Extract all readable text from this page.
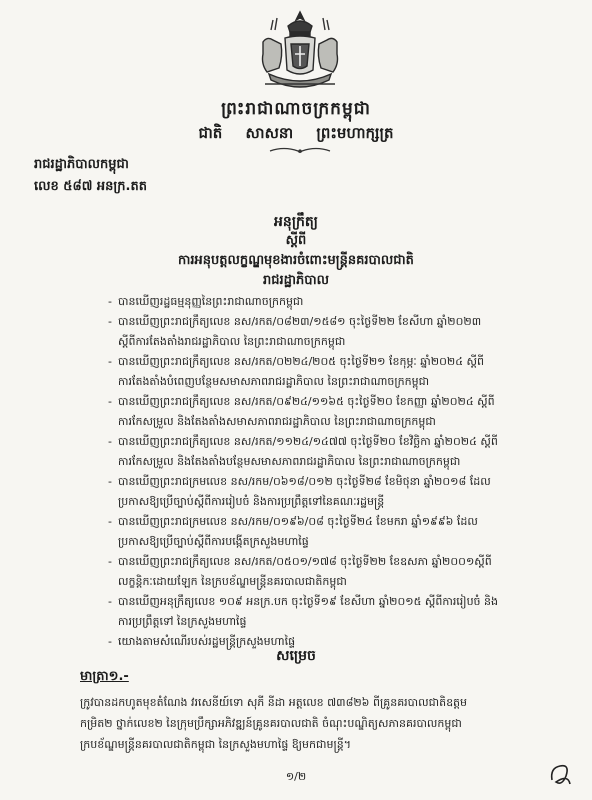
ព្រះរាជាណាចក្រកម្ពុជា
ជាតិ សាសនា ព្រះមហាក្សត្រ
រាជរដ្ឋាភិបាលកម្ពុជា
លេខ ៥៨៧ អនក្រ.តត
អនុក្រឹត្យ
ស្តីពី
ការអនុបត្តលក្ខណ្ឌមុខងារចំពោះមន្ត្រីនគរបាលជាតិ
រាជរដ្ឋាភិបាល
- បានឃើញរដ្ឋធម្មនុញ្ញនៃព្រះរាជាណាចក្រកម្ពុជា
- បានឃើញព្រះរាជក្រឹត្យលេខ នស/រកត/០៨២៣/១៥៨១ ចុះថ្ងៃទី២២ ខែសីហា ឆ្នាំ២០២៣
ស្តីពីការតែងតាំងរាជរដ្ឋាភិបាល នៃព្រះរាជាណាចក្រកម្ពុជា
- បានឃើញព្រះរាជក្រឹត្យលេខ នស/រកត/០២២៤/២០៥ ចុះថ្ងៃទី២១ ខែកុម្ភៈ ឆ្នាំ២០២៤ ស្តីពី
ការតែងតាំងបំពេញបន្ថែមសមាសភាពរាជរដ្ឋាភិបាល នៃព្រះរាជាណាចក្រកម្ពុជា
- បានឃើញព្រះរាជក្រឹត្យលេខ នស/រកត/០៩២៤/១១៦៥ ចុះថ្ងៃទី២០ ខែកញ្ញា ឆ្នាំ២០២៤ ស្តីពី
ការកែសម្រួល និងតែងតាំងសមាសភាពរាជរដ្ឋាភិបាល នៃព្រះរាជាណាចក្រកម្ពុជា
- បានឃើញព្រះរាជក្រឹត្យលេខ នស/រកត/១១២៤/១៤៧៧ ចុះថ្ងៃទី២០ ខែវិច្ឆិកា ឆ្នាំ២០២៤ ស្តីពី
ការកែសម្រួល និងតែងតាំងបន្ថែមសមាសភាពរាជរដ្ឋាភិបាល នៃព្រះរាជាណាចក្រកម្ពុជា
- បានឃើញព្រះរាជក្រមលេខ នស/រកម/០៦១៨/០១២ ចុះថ្ងៃទី២៨ ខែមិថុនា ឆ្នាំ២០១៨ ដែល
ប្រកាសឱ្យប្រើច្បាប់ស្តីពីការរៀបចំ និងការប្រព្រឹត្តទៅនៃគណៈរដ្ឋមន្ត្រី
- បានឃើញព្រះរាជក្រមលេខ នស/រកម/០១៩៦/០៨ ចុះថ្ងៃទី២៤ ខែមករា ឆ្នាំ១៩៩៦ ដែល
ប្រកាសឱ្យប្រើច្បាប់ស្តីពីការបង្កើតក្រសួងមហាផ្ទៃ
- បានឃើញព្រះរាជក្រឹត្យលេខ នស/រកត/០៥០១/១៧៨ ចុះថ្ងៃទី២២ ខែឧសភា ឆ្នាំ២០០១ស្តីពី
លក្ខន្តិកៈដោយឡែក នៃក្របខ័ណ្ឌមន្ត្រីនគរបាលជាតិកម្ពុជា
- បានឃើញអនុក្រឹត្យលេខ ១០៩ អនក្រ.បក ចុះថ្ងៃទី១៩ ខែសីហា ឆ្នាំ២០១៥ ស្តីពីការរៀបចំ និង
ការប្រព្រឹត្តទៅ នៃក្រសួងមហាផ្ទៃ
- យោងតាមសំណើរបស់រដ្ឋមន្ត្រីក្រសួងមហាផ្ទៃ
សម្រេច
មាត្រា១.-
ក្រូវបានដកហូតមុខតំណែង វរសេនីយ៍ទោ សុភី នីដា អត្តលេខ ៧៣៨២៦ ពីគ្រូនគរបាលជាតិឧត្តម
កម្រិត២ ថ្នាក់លេខ២ នៃក្រុមប្រឹក្សាអភិវឌ្ឍន៍គ្រូនគរបាលជាតិ ចំណុះបណ្ឌិត្យសភានគរបាលកម្ពុជា
ក្របខ័ណ្ឌមន្ត្រីនគរបាលជាតិកម្ពុជា នៃក្រសួងមហាផ្ទៃ ឱ្យមកជាមន្ត្រី។
១/២
